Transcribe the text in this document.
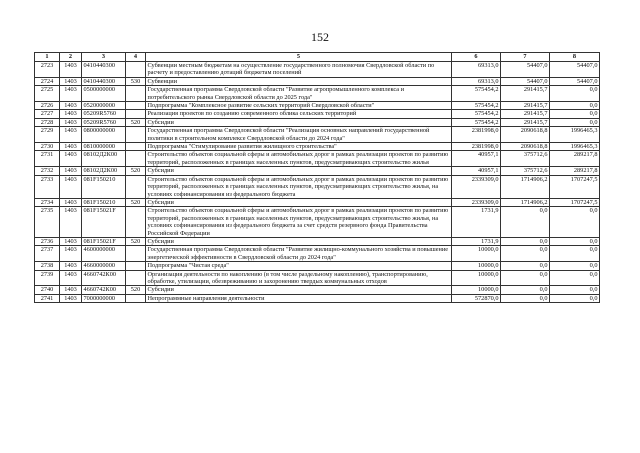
152
1	2	3	4	5	6	7	8
2723	1403	0410440300		Субвенции местным бюджетам на осуществление государственного полномочия Свердловской области по расчету и предоставлению дотаций бюджетам поселений	69313,0	54407,0	54407,0
2724	1403	0410440300	530	Субвенции	69313,0	54407,0	54407,0
2725	1403	0500000000		Государственная программа Свердловской области "Развитие агропромышленного комплекса и потребительского рынка Свердловской области до 2025 года"	575454,2	291415,7	0,0
2726	1403	0520000000		Подпрограмма "Комплексное развитие сельских территорий Свердловской области"	575454,2	291415,7	0,0
2727	1403	05209R5760		Реализация проектов по созданию современного облика сельских территорий	575454,2	291415,7	0,0
2728	1403	05209R5760	520	Субсидии	575454,2	291415,7	0,0
2729	1403	0800000000		Государственная программа Свердловской области "Реализация основных направлений государственной политики в строительном комплексе Свердловской области до 2024 года"	2381998,0	2090618,8	1996465,3
2730	1403	0810000000		Подпрограмма "Стимулирование развития жилищного строительства"	2381998,0	2090618,8	1996465,3
2731	1403	08102Д2К00		Строительство объектов социальной сферы и автомобильных дорог в рамках реализации проектов по развитию территорий, расположенных в границах населенных пунктов, предусматривающих строительство жилья	40957,1	375712,6	289217,8
2732	1403	08102Д2К00	520	Субсидии	40957,1	375712,6	289217,8
2733	1403	081F150210		Строительство объектов социальной сферы и автомобильных дорог в рамках реализации проектов по развитию территорий, расположенных в границах населенных пунктов, предусматривающих строительство жилья, на условиях софинансирования из федерального бюджета	2339309,0	1714906,2	1707247,5
2734	1403	081F150210	520	Субсидии	2339309,0	1714906,2	1707247,5
2735	1403	081F15021F		Строительство объектов социальной сферы и автомобильных дорог в рамках реализации проектов по развитию территорий, расположенных в границах населенных пунктов, предусматривающих строительство жилья, на условиях софинансирования из федерального бюджета за счет средств резервного фонда Правительства Российской Федерации	1731,9	0,0	0,0
2736	1403	081F15021F	520	Субсидии	1731,9	0,0	0,0
2737	1403	4600000000		Государственная программа Свердловской области "Развитие жилищно-коммунального хозяйства и повышение энергетической эффективности в Свердловской области до 2024 года"	10000,0	0,0	0,0
2738	1403	4660000000		Подпрограмма "Чистая среда"	10000,0	0,0	0,0
2739	1403	4660742К00		Организация деятельности по накоплению (в том числе раздельному накоплению), транспортированию, обработке, утилизации, обезвреживанию и захоронению твердых коммунальных отходов	10000,0	0,0	0,0
2740	1403	4660742К00	520	Субсидии	10000,0	0,0	0,0
2741	1403	7000000000		Непрограммные направления деятельности	572870,0	0,0	0,0
